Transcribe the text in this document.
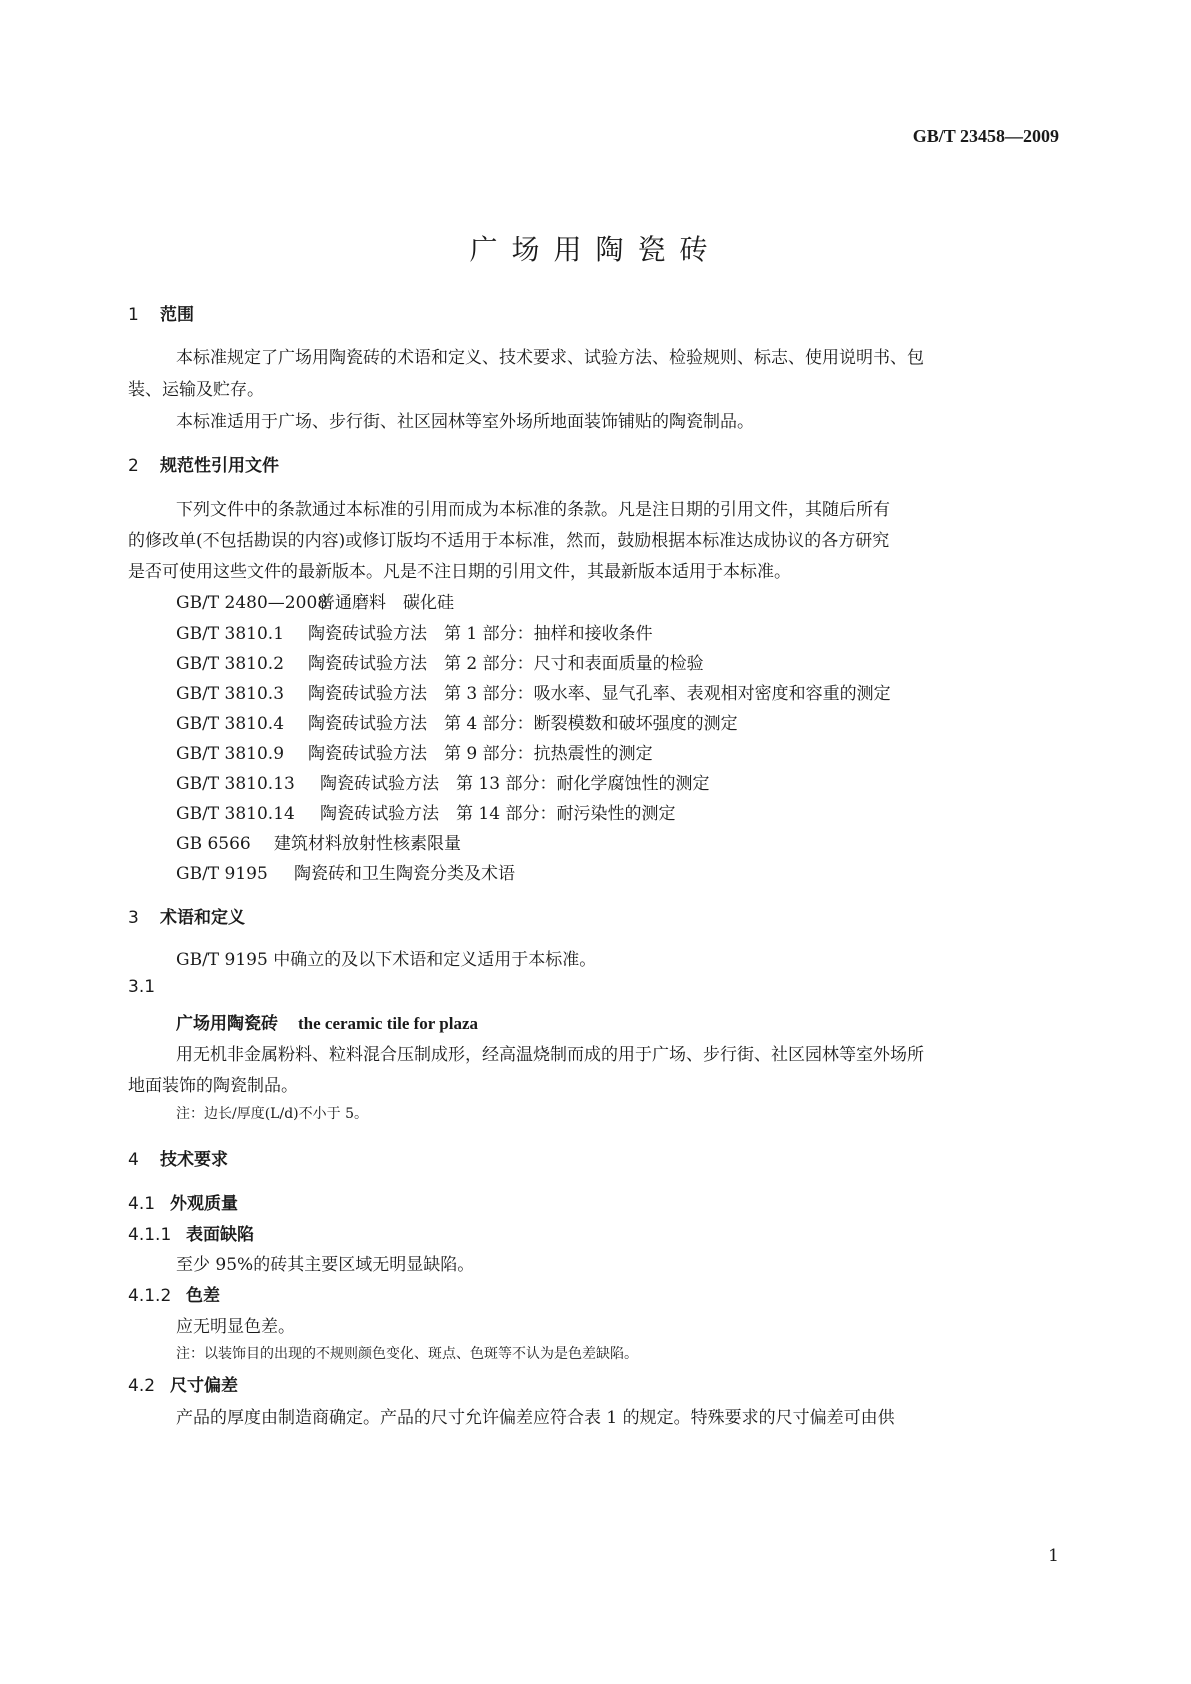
GB/T 23458—2009
广场用陶瓷砖
1 范围
本标准规定了广场用陶瓷砖的术语和定义、技术要求、试验方法、检验规则、标志、使用说明书、包
装、运输及贮存。
本标准适用于广场、步行街、社区园林等室外场所地面装饰铺贴的陶瓷制品。
2 规范性引用文件
下列文件中的条款通过本标准的引用而成为本标准的条款。凡是注日期的引用文件，其随后所有
的修改单(不包括勘误的内容)或修订版均不适用于本标准，然而，鼓励根据本标准达成协议的各方研究
是否可使用这些文件的最新版本。凡是不注日期的引用文件，其最新版本适用于本标准。
GB/T 2480—2008普通磨料　碳化硅
GB/T 3810.1 陶瓷砖试验方法　第 1 部分：抽样和接收条件
GB/T 3810.2 陶瓷砖试验方法　第 2 部分：尺寸和表面质量的检验
GB/T 3810.3 陶瓷砖试验方法　第 3 部分：吸水率、显气孔率、表观相对密度和容重的测定
GB/T 3810.4 陶瓷砖试验方法　第 4 部分：断裂模数和破坏强度的测定
GB/T 3810.9 陶瓷砖试验方法　第 9 部分：抗热震性的测定
GB/T 3810.13 陶瓷砖试验方法　第 13 部分：耐化学腐蚀性的测定
GB/T 3810.14 陶瓷砖试验方法　第 14 部分：耐污染性的测定
GB 6566 建筑材料放射性核素限量
GB/T 9195 陶瓷砖和卫生陶瓷分类及术语
3 术语和定义
GB/T 9195 中确立的及以下术语和定义适用于本标准。
3.1
广场用陶瓷砖 the ceramic tile for plaza
用无机非金属粉料、粒料混合压制成形，经高温烧制而成的用于广场、步行街、社区园林等室外场所
地面装饰的陶瓷制品。
注：边长/厚度(L/d)不小于 5。
4 技术要求
4.1 外观质量
4.1.1 表面缺陷
至少 95%的砖其主要区域无明显缺陷。
4.1.2 色差
应无明显色差。
注：以装饰目的出现的不规则颜色变化、斑点、色斑等不认为是色差缺陷。
4.2 尺寸偏差
产品的厚度由制造商确定。产品的尺寸允许偏差应符合表 1 的规定。特殊要求的尺寸偏差可由供
1
